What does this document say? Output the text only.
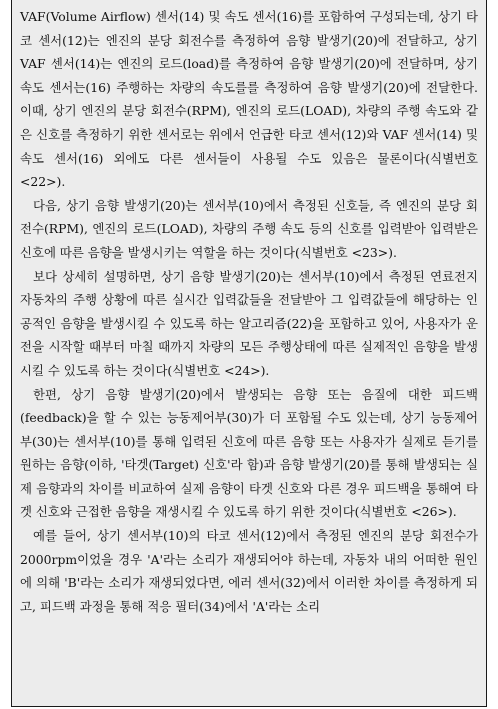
VAF(Volume Airflow) 센서(14) 및 속도 센서(16)를 포함하여 구성되는데, 상기 타코 센서(12)는 엔진의 분당 회전수를 측정하여 음향 발생기(20)에 전달하고, 상기 VAF 센서(14)는 엔진의 로드(load)를 측정하여 음향 발생기(20)에 전달하며, 상기 속도 센서는(16) 주행하는 차량의 속도를를 측정하여 음향 발생기(20)에 전달한다. 이때, 상기 엔진의 분당 회전수(RPM), 엔진의 로드(LOAD), 차량의 주행 속도와 같은 신호를 측정하기 위한 센서로는 위에서 언급한 타코 센서(12)와 VAF 센서(14) 및 속도 센서(16) 외에도 다른 센서들이 사용될 수도 있음은 물론이다(식별번호 <22>).

다음, 상기 음향 발생기(20)는 센서부(10)에서 측정된 신호들, 즉 엔진의 분당 회전수(RPM), 엔진의 로드(LOAD), 차량의 주행 속도 등의 신호를 입력받아 입력받은 신호에 따른 음향을 발생시키는 역할을 하는 것이다(식별번호 <23>).

보다 상세히 설명하면, 상기 음향 발생기(20)는 센서부(10)에서 측정된 연료전지 자동차의 주행 상황에 따른 실시간 입력값들을 전달받아 그 입력값들에 해당하는 인공적인 음향을 발생시킬 수 있도록 하는 알고리즘(22)을 포함하고 있어, 사용자가 운전을 시작할 때부터 마칠 때까지 차량의 모든 주행상태에 따른 실제적인 음향을 발생시킬 수 있도록 하는 것이다(식별번호 <24>).

한편, 상기 음향 발생기(20)에서 발생되는 음향 또는 음질에 대한 피드백(feedback)을 할 수 있는 능동제어부(30)가 더 포함될 수도 있는데, 상기 능동제어부(30)는 센서부(10)를 통해 입력된 신호에 따른 음향 또는 사용자가 실제로 듣기를 원하는 음향(이하, '타겟(Target) 신호'라 함)과 음향 발생기(20)를 통해 발생되는 실제 음향과의 차이를 비교하여 실제 음향이 타겟 신호와 다른 경우 피드백을 통해여 타겟 신호와 근접한 음향을 재생시킬 수 있도록 하기 위한 것이다(식별번호 <26>).

예를 들어, 상기 센서부(10)의 타코 센서(12)에서 측정된 엔진의 분당 회전수가 2000rpm이었을 경우 'A'라는 소리가 재생되어야 하는데, 자동차 내의 어떠한 원인에 의해 'B'라는 소리가 재생되었다면, 에러 센서(32)에서 이러한 차이를 측정하게 되고, 피드백 과정을 통해 적응 필터(34)에서 'A'라는 소리
